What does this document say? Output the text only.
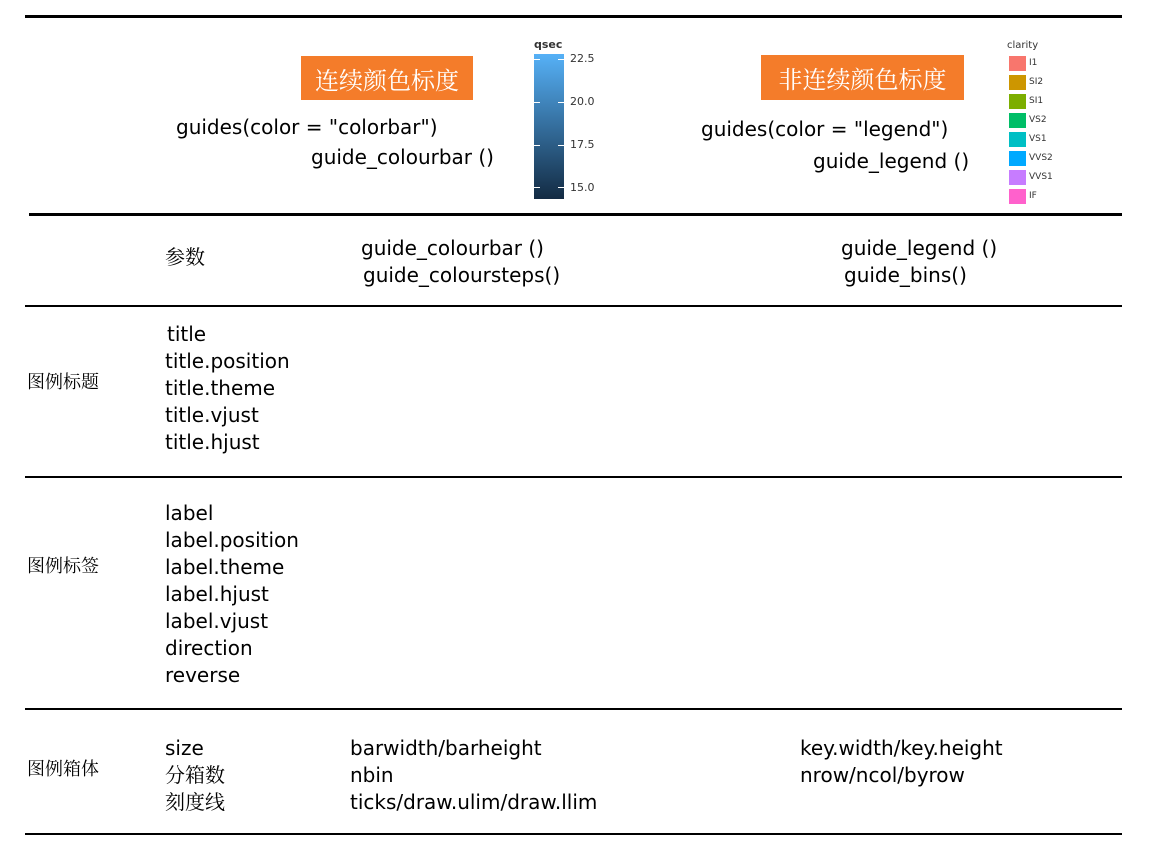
连续颜色标度	非连续颜色标度
guides(color = "colorbar")
guide_colourbar ()
guides(color = "legend")
guide_legend ()
qsec
22.5
20.0
17.5
15.0
clarity
I1
SI2
SI1
VS2
VS1
VVS2
VVS1
IF
参数	guide_colourbar ()
guide_coloursteps()
guide_legend ()
guide_bins()
图例标题
title
title.position
title.theme
title.vjust
title.hjust
图例标签
label
label.position
label.theme
label.hjust
label.vjust
direction
reverse
图例箱体
size
分箱数
刻度线
barwidth/barheight
nbin
ticks/draw.ulim/draw.llim
key.width/key.height
nrow/ncol/byrow
